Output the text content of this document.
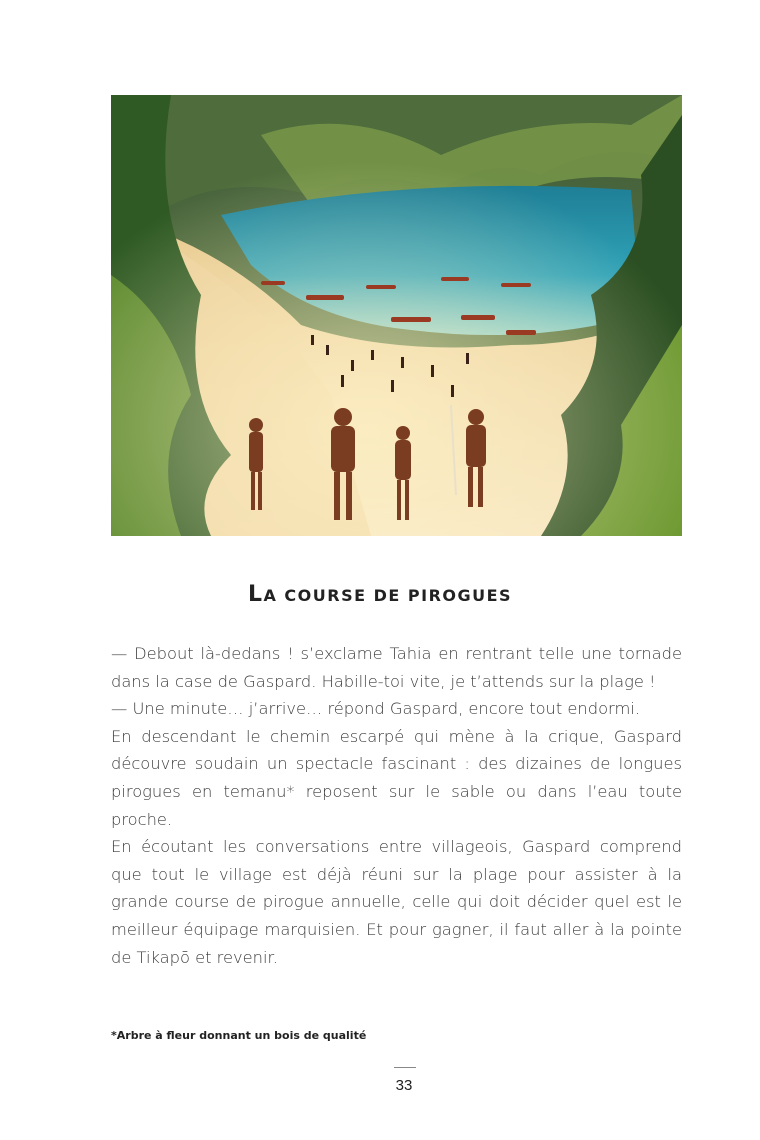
LA COURSE DE PIROGUES

— Debout là-dedans ! s’exclame Tahia en rentrant telle une tornade dans la case de Gaspard. Habille-toi vite, je t’attends sur la plage !

— Une minute… j’arrive… répond Gaspard, encore tout endormi.

En descendant le chemin escarpé qui mène à la crique, Gaspard découvre soudain un spectacle fascinant : des dizaines de longues pirogues en temanu* reposent sur le sable ou dans l’eau toute proche.

En écoutant les conversations entre villageois, Gaspard comprend que tout le village est déjà réuni sur la plage pour assister à la grande course de pirogue annuelle, celle qui doit décider quel est le meilleur équipage marquisien. Et pour gagner, il faut aller à la pointe de Tikapō et revenir.

*Arbre à fleur donnant un bois de qualité
33
